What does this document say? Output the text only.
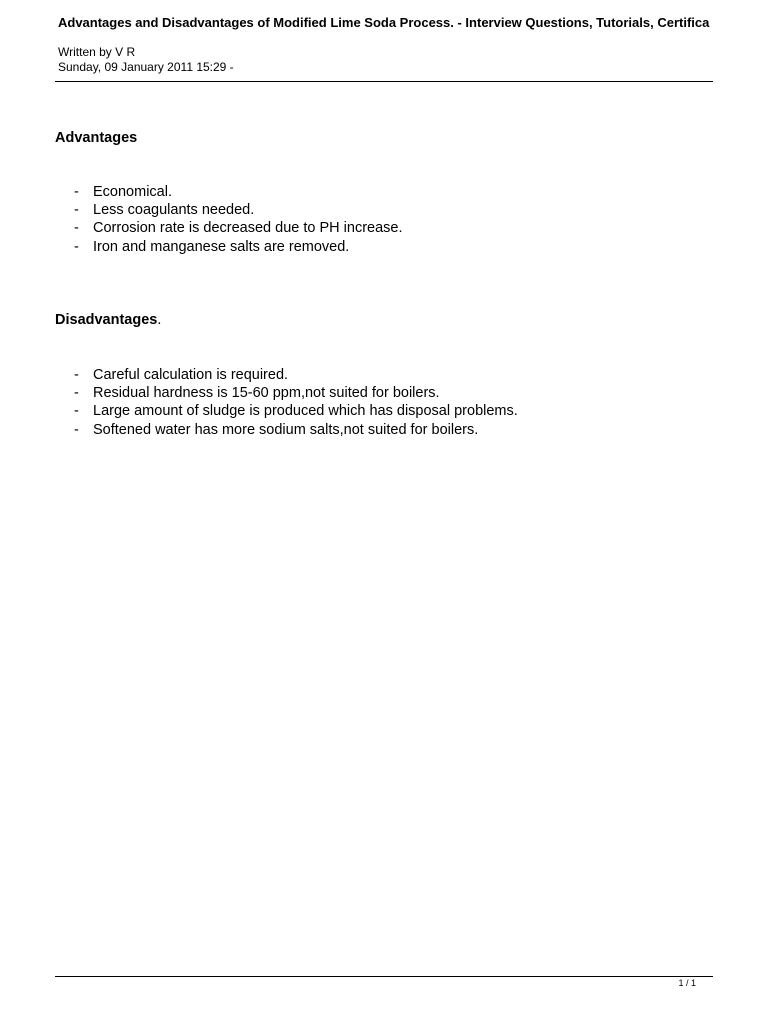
Advantages and Disadvantages of Modified Lime Soda Process. - Interview Questions, Tutorials, Certifica
Written by V R
Sunday, 09 January 2011 15:29 -
Advantages
- Economical.
- Less coagulants needed.
- Corrosion rate is decreased due to PH increase.
- Iron and manganese salts are removed.
Disadvantages.
- Careful calculation is required.
- Residual hardness is 15-60 ppm,not suited for boilers.
- Large amount of sludge is produced which has disposal problems.
- Softened water has more sodium salts,not suited for boilers.
1 / 1
